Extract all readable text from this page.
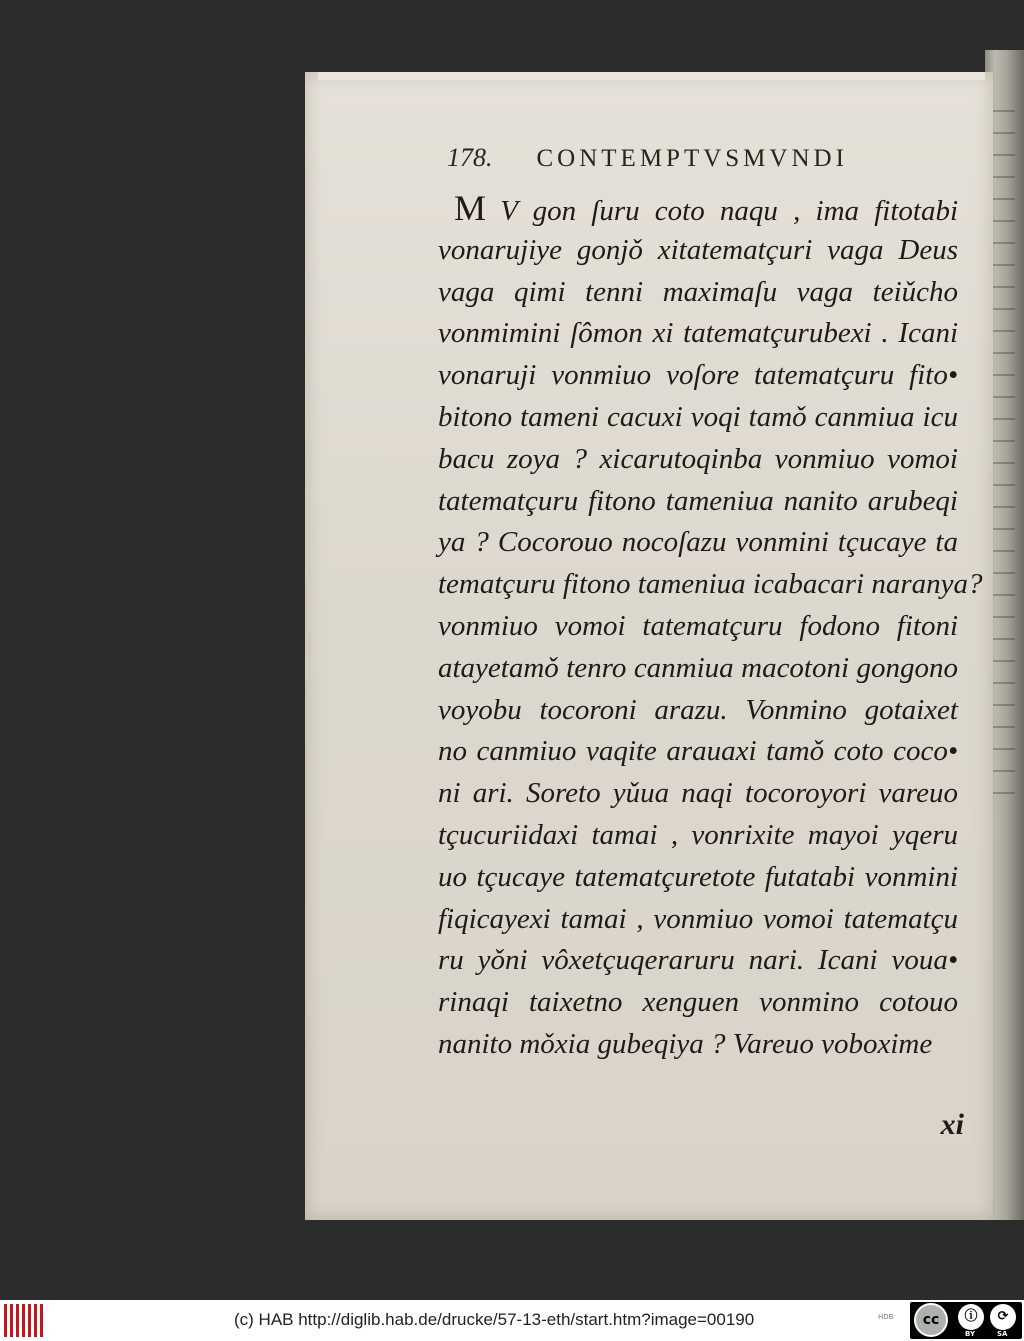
178. CONTEMPTVSMVNDI
M V gon ſuru coto naqu , ima fitotabi
vonarujiye gonjǒ xitatematçuri vaga Deus
vaga qimi tenni maximaſu vaga teiǔcho
vonmimini ſômon xi tatematçurubexi . Icani
vonaruji vonmiuo voſore tatematçuru fito•
bitono tameni cacuxi voqi tamǒ canmiua icu
bacu zoya ? xicarutoqinba vonmiuo vomoi
tatematçuru fitono tameniua nanito arubeqi
ya ? Cocorouo nocoſazu vonmini tçucaye ta
tematçuru fitono tameniua icabacari naranya?
vonmiuo vomoi tatematçuru fodono fitoni
atayetamǒ tenro canmiua macotoni gongono
voyobu tocoroni arazu. Vonmino gotaixet
no canmiuo vaqite arauaxi tamǒ coto coco•
ni ari. Soreto yǔua naqi tocoroyori vareuo
tçucuriidaxi tamai , vonrixite mayoi yqeru
uo tçucaye tatematçuretote futatabi vonmini
fiqicayexi tamai , vonmiuo vomoi tatematçu
ru yǒni vôxetçuqeraruru nari. Icani voua•
rinaqi taixetno xenguen vonmino cotouo
nanito mǒxia gubeqiya ? Vareuo voboxime
xi
(c) HAB http://diglib.hab.de/drucke/57-13-eth/start.htm?image=00190	HDB	cc	ⓘ	⟳
BY	SA
